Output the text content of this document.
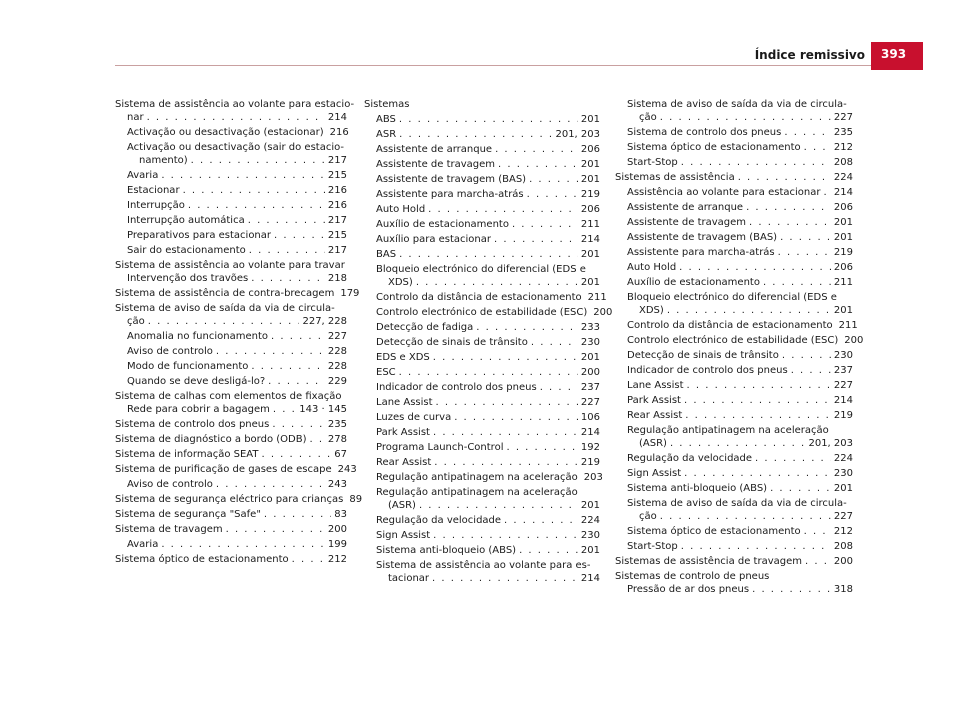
Índice remissivo 393
Sistema de assistência ao volante para estacio-
nar . . .	214
Activação ou desactivação (estacionar) 216
Activação ou desactivação (sair do estacio-
namento) . . .	217
Avaria . . .	215
Estacionar . . .	216
Interrupção . . .	216
Interrupção automática . . .	217
Preparativos para estacionar . . .	215
Sair do estacionamento . . .	217
Sistema de assistência ao volante para travar
Intervenção dos travões . . .	218
Sistema de assistência de contra-brecagem 179
Sistema de aviso de saída da via de circula-
ção . . .	227, 228
Anomalia no funcionamento . . .	227
Aviso de controlo . . .	228
Modo de funcionamento . . .	228
Quando se deve desligá-lo? . . .	229
Sistema de calhas com elementos de fixação
Rede para cobrir a bagagem . . .	143 · 145
Sistema de controlo dos pneus . . .	235
Sistema de diagnóstico a bordo (ODB) . . . 278
Sistema de informação SEAT . . .	67
Sistema de purificação de gases de escape 243
Aviso de controlo . . .	243
Sistema de segurança eléctrico para crianças 89
Sistema de segurança "Safe" . . .	83
Sistema de travagem . . .	200
Avaria . . .	199
Sistema óptico de estacionamento . . .	212
Sistemas
ABS . . .	201
ASR . . .	201, 203
Assistente de arranque . . .	206
Assistente de travagem . . .	201
Assistente de travagem (BAS) . . .	201
Assistente para marcha-atrás . . .	219
Auto Hold . . .	206
Auxílio de estacionamento . . .	211
Auxílio para estacionar . . .	214
BAS . . .	201
Bloqueio electrónico do diferencial (EDS e
XDS) . . .	201
Controlo da distância de estacionamento 211
Controlo electrónico de estabilidade (ESC) 200
Detecção de fadiga . . .	233
Detecção de sinais de trânsito . . .	230
EDS e XDS . . .	201
ESC . . .	200
Indicador de controlo dos pneus . . .	237
Lane Assist . . .	227
Luzes de curva . . .	106
Park Assist . . .	214
Programa Launch-Control . . .	192
Rear Assist . . .	219
Regulação antipatinagem na aceleração 203
Regulação antipatinagem na aceleração
(ASR) . . .	201
Regulação da velocidade . . .	224
Sign Assist . . .	230
Sistema anti-bloqueio (ABS) . . .	201
Sistema de assistência ao volante para es-
tacionar . . .	214
Sistema de aviso de saída da via de circula-
ção . . .	227
Sistema de controlo dos pneus . . .	235
Sistema óptico de estacionamento . . .	212
Start-Stop . . .	208
Sistemas de assistência . . .	224
Assistência ao volante para estacionar . . . 214
Assistente de arranque . . .	206
Assistente de travagem . . .	201
Assistente de travagem (BAS) . . .	201
Assistente para marcha-atrás . . .	219
Auto Hold . . .	206
Auxílio de estacionamento . . .	211
Bloqueio electrónico do diferencial (EDS e
XDS) . . .	201
Controlo da distância de estacionamento 211
Controlo electrónico de estabilidade (ESC) 200
Detecção de sinais de trânsito . . .	230
Indicador de controlo dos pneus . . .	237
Lane Assist . . .	227
Park Assist . . .	214
Rear Assist . . .	219
Regulação antipatinagem na aceleração
(ASR) . . .	201, 203
Regulação da velocidade . . .	224
Sign Assist . . .	230
Sistema anti-bloqueio (ABS) . . .	201
Sistema de aviso de saída da via de circula-
ção . . .	227
Sistema óptico de estacionamento . . .	212
Start-Stop . . .	208
Sistemas de assistência de travagem . . .	200
Sistemas de controlo de pneus
Pressão de ar dos pneus . . .	318
